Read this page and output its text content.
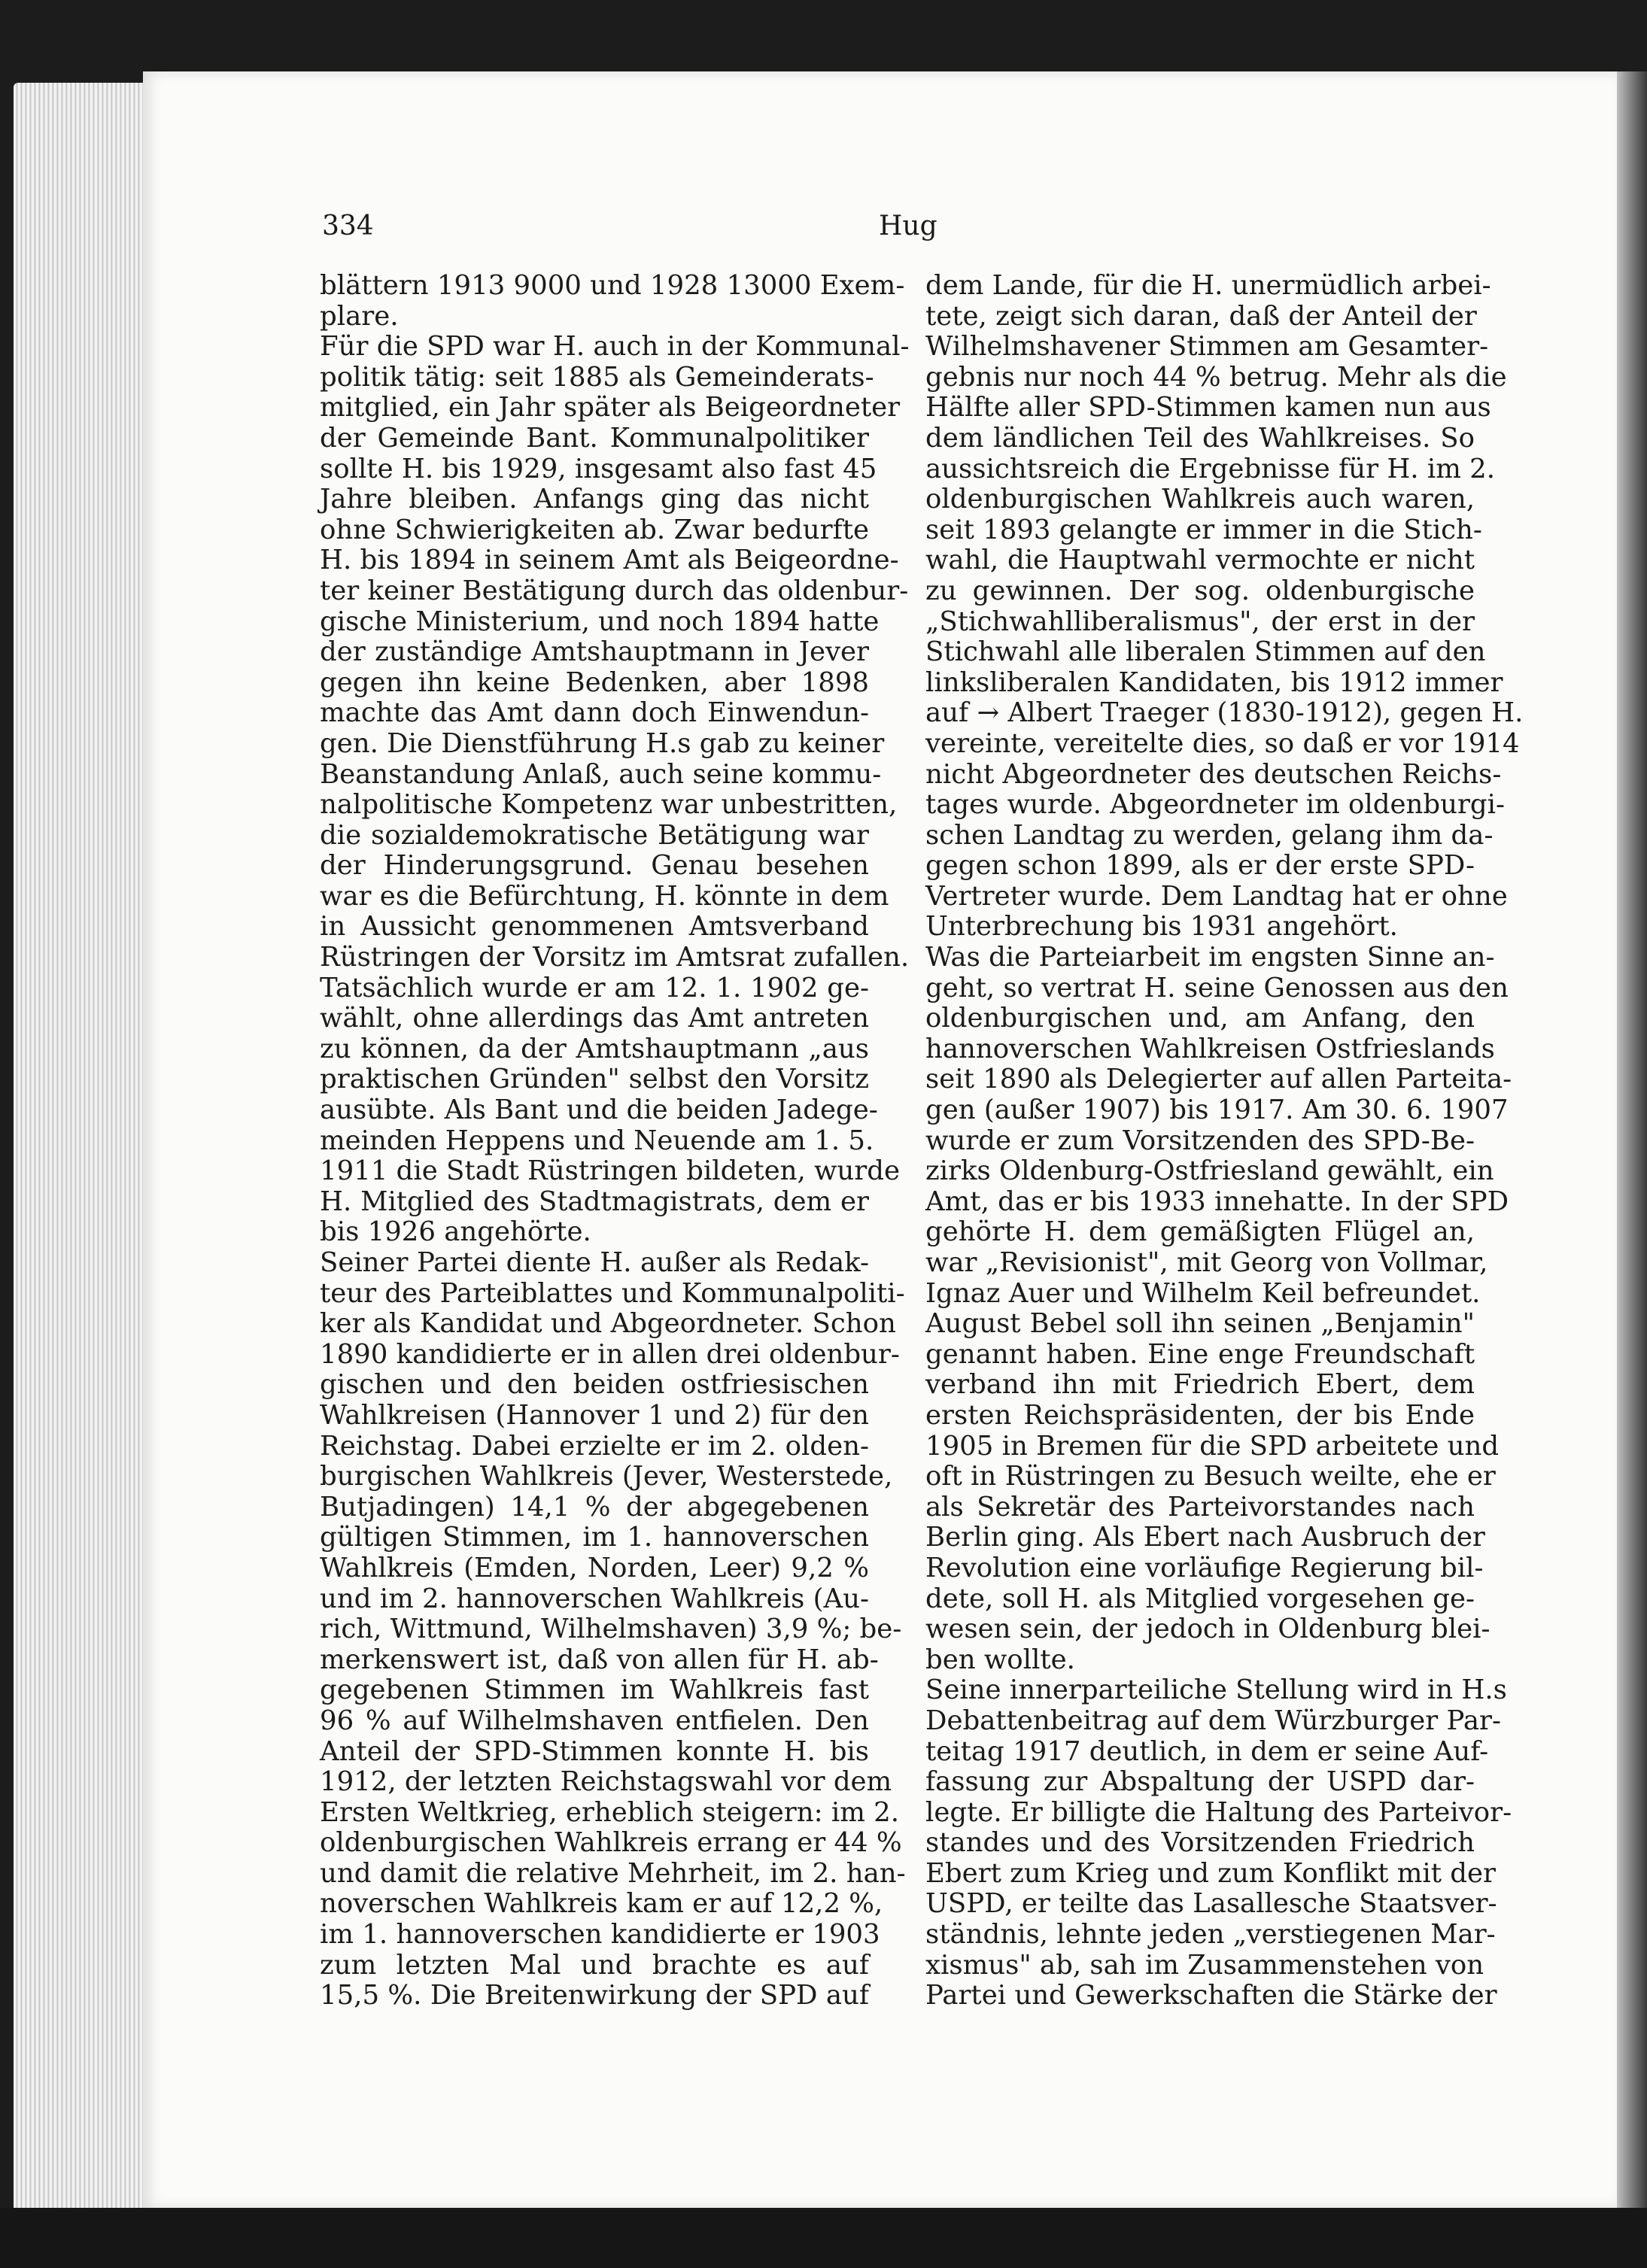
334	Hug
blättern 1913 9000 und 1928 13000 Exem-
plare.
Für die SPD war H. auch in der Kommunal-
politik tätig: seit 1885 als Gemeinderats-
mitglied, ein Jahr später als Beigeordneter
der Gemeinde Bant. Kommunalpolitiker
sollte H. bis 1929, insgesamt also fast 45
Jahre bleiben. Anfangs ging das nicht
ohne Schwierigkeiten ab. Zwar bedurfte
H. bis 1894 in seinem Amt als Beigeordne-
ter keiner Bestätigung durch das oldenbur-
gische Ministerium, und noch 1894 hatte
der zuständige Amtshauptmann in Jever
gegen ihn keine Bedenken, aber 1898
machte das Amt dann doch Einwendun-
gen. Die Dienstführung H.s gab zu keiner
Beanstandung Anlaß, auch seine kommu-
nalpolitische Kompetenz war unbestritten,
die sozialdemokratische Betätigung war
der Hinderungsgrund. Genau besehen
war es die Befürchtung, H. könnte in dem
in Aussicht genommenen Amtsverband
Rüstringen der Vorsitz im Amtsrat zufallen.
Tatsächlich wurde er am 12. 1. 1902 ge-
wählt, ohne allerdings das Amt antreten
zu können, da der Amtshauptmann „aus
praktischen Gründen" selbst den Vorsitz
ausübte. Als Bant und die beiden Jadege-
meinden Heppens und Neuende am 1. 5.
1911 die Stadt Rüstringen bildeten, wurde
H. Mitglied des Stadtmagistrats, dem er
bis 1926 angehörte.
Seiner Partei diente H. außer als Redak-
teur des Parteiblattes und Kommunalpoliti-
ker als Kandidat und Abgeordneter. Schon
1890 kandidierte er in allen drei oldenbur-
gischen und den beiden ostfriesischen
Wahlkreisen (Hannover 1 und 2) für den
Reichstag. Dabei erzielte er im 2. olden-
burgischen Wahlkreis (Jever, Westerstede,
Butjadingen) 14,1 % der abgegebenen
gültigen Stimmen, im 1. hannoverschen
Wahlkreis (Emden, Norden, Leer) 9,2 %
und im 2. hannoverschen Wahlkreis (Au-
rich, Wittmund, Wilhelmshaven) 3,9 %; be-
merkenswert ist, daß von allen für H. ab-
gegebenen Stimmen im Wahlkreis fast
96 % auf Wilhelmshaven entfielen. Den
Anteil der SPD-Stimmen konnte H. bis
1912, der letzten Reichstagswahl vor dem
Ersten Weltkrieg, erheblich steigern: im 2.
oldenburgischen Wahlkreis errang er 44 %
und damit die relative Mehrheit, im 2. han-
noverschen Wahlkreis kam er auf 12,2 %,
im 1. hannoverschen kandidierte er 1903
zum letzten Mal und brachte es auf
15,5 %. Die Breitenwirkung der SPD auf
dem Lande, für die H. unermüdlich arbei-
tete, zeigt sich daran, daß der Anteil der
Wilhelmshavener Stimmen am Gesamter-
gebnis nur noch 44 % betrug. Mehr als die
Hälfte aller SPD-Stimmen kamen nun aus
dem ländlichen Teil des Wahlkreises. So
aussichtsreich die Ergebnisse für H. im 2.
oldenburgischen Wahlkreis auch waren,
seit 1893 gelangte er immer in die Stich-
wahl, die Hauptwahl vermochte er nicht
zu gewinnen. Der sog. oldenburgische
„Stichwahlliberalismus", der erst in der
Stichwahl alle liberalen Stimmen auf den
linksliberalen Kandidaten, bis 1912 immer
auf → Albert Traeger (1830-1912), gegen H.
vereinte, vereitelte dies, so daß er vor 1914
nicht Abgeordneter des deutschen Reichs-
tages wurde. Abgeordneter im oldenburgi-
schen Landtag zu werden, gelang ihm da-
gegen schon 1899, als er der erste SPD-
Vertreter wurde. Dem Landtag hat er ohne
Unterbrechung bis 1931 angehört.
Was die Parteiarbeit im engsten Sinne an-
geht, so vertrat H. seine Genossen aus den
oldenburgischen und, am Anfang, den
hannoverschen Wahlkreisen Ostfrieslands
seit 1890 als Delegierter auf allen Parteita-
gen (außer 1907) bis 1917. Am 30. 6. 1907
wurde er zum Vorsitzenden des SPD-Be-
zirks Oldenburg-Ostfriesland gewählt, ein
Amt, das er bis 1933 innehatte. In der SPD
gehörte H. dem gemäßigten Flügel an,
war „Revisionist", mit Georg von Vollmar,
Ignaz Auer und Wilhelm Keil befreundet.
August Bebel soll ihn seinen „Benjamin"
genannt haben. Eine enge Freundschaft
verband ihn mit Friedrich Ebert, dem
ersten Reichspräsidenten, der bis Ende
1905 in Bremen für die SPD arbeitete und
oft in Rüstringen zu Besuch weilte, ehe er
als Sekretär des Parteivorstandes nach
Berlin ging. Als Ebert nach Ausbruch der
Revolution eine vorläufige Regierung bil-
dete, soll H. als Mitglied vorgesehen ge-
wesen sein, der jedoch in Oldenburg blei-
ben wollte.
Seine innerparteiliche Stellung wird in H.s
Debattenbeitrag auf dem Würzburger Par-
teitag 1917 deutlich, in dem er seine Auf-
fassung zur Abspaltung der USPD dar-
legte. Er billigte die Haltung des Parteivor-
standes und des Vorsitzenden Friedrich
Ebert zum Krieg und zum Konflikt mit der
USPD, er teilte das Lasallesche Staatsver-
ständnis, lehnte jeden „verstiegenen Mar-
xismus" ab, sah im Zusammenstehen von
Partei und Gewerkschaften die Stärke der
